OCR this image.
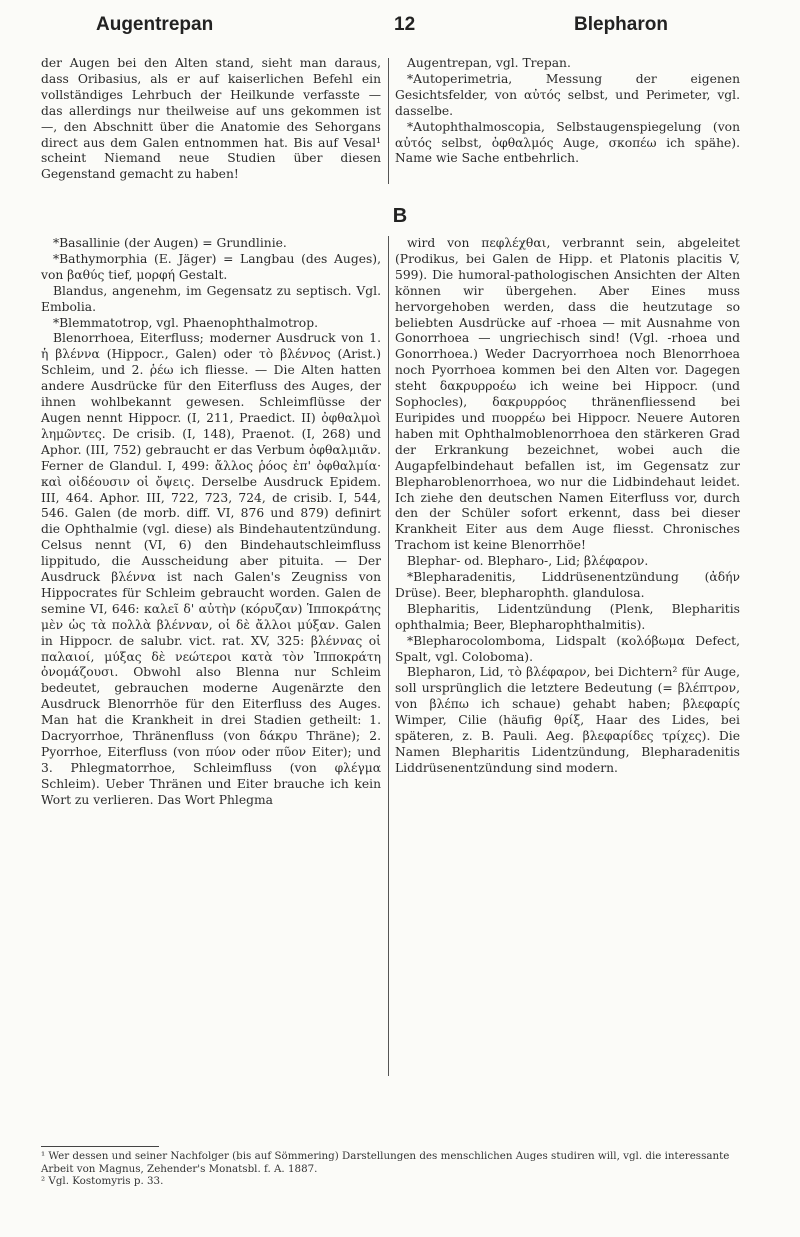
Augentrepan	12	Blepharon

der Augen bei den Alten stand, sieht man daraus, dass Oribasius, als er auf kaiserlichen Befehl ein vollständiges Lehrbuch der Heilkunde verfasste — das allerdings nur theilweise auf uns gekommen ist —, den Abschnitt über die Anatomie des Sehorgans direct aus dem Galen entnommen hat. Bis auf Vesal¹ scheint Niemand neue Studien über diesen Gegenstand gemacht zu haben!

Augentrepan, vgl. Trepan.

*Autoperimetria, Messung der eigenen Gesichtsfelder, von αὐτός selbst, und Perimeter, vgl. dasselbe.

*Autophthalmoscopia, Selbstaugenspiegelung (von αὐτός selbst, ὀφθαλμός Auge, σκοπέω ich spähe). Name wie Sache entbehrlich.

B

*Basallinie (der Augen) = Grundlinie.

*Bathymorphia (E. Jäger) = Langbau (des Auges), von βαθύς tief, μορφή Gestalt.

Blandus, angenehm, im Gegensatz zu septisch. Vgl. Embolia.

*Blemmatotrop, vgl. Phaenophthalmotrop.

Blenorrhoea, Eiterfluss; moderner Ausdruck von 1. ἡ βλέννα (Hippocr., Galen) oder τὸ βλέννος (Arist.) Schleim, und 2. ῥέω ich fliesse. — Die Alten hatten andere Ausdrücke für den Eiterfluss des Auges, der ihnen wohlbekannt gewesen. Schleimflüsse der Augen nennt Hippocr. (I, 211, Praedict. II) ὀφθαλμοὶ λημῶντες. De crisib. (I, 148), Praenot. (I, 268) und Aphor. (III, 752) gebraucht er das Verbum ὀφθαλμιᾶν. Ferner de Glandul. I, 499: ἄλλος ῥόος ἐπ' ὀφθαλμία· καὶ οἰδέουσιν οἱ ὄψεις. Derselbe Ausdruck Epidem. III, 464. Aphor. III, 722, 723, 724, de crisib. I, 544, 546. Galen (de morb. diff. VI, 876 und 879) definirt die Ophthalmie (vgl. diese) als Bindehautentzündung. Celsus nennt (VI, 6) den Bindehautschleimfluss lippitudo, die Ausscheidung aber pituita. — Der Ausdruck βλέννα ist nach Galen's Zeugniss von Hippocrates für Schleim gebraucht worden. Galen de semine VI, 646: καλεῖ δ' αὐτὴν (κόρυζαν) Ἱπποκράτης μὲν ὡς τὰ πολλὰ βλένναν, οἱ δὲ ἄλλοι μύξαν. Galen in Hippocr. de salubr. vict. rat. XV, 325: βλέννας οἱ παλαιοί, μύξας δὲ νεώτεροι κατὰ τὸν Ἱπποκράτη ὀνομάζουσι. Obwohl also Blenna nur Schleim bedeutet, gebrauchen moderne Augenärzte den Ausdruck Blenorrhöe für den Eiterfluss des Auges. Man hat die Krankheit in drei Stadien getheilt: 1. Dacryorrhoe, Thränenfluss (von δάκρυ Thräne); 2. Pyorrhoe, Eiterfluss (von πύον oder πῦον Eiter); und 3. Phlegmatorrhoe, Schleimfluss (von φλέγμα Schleim). Ueber Thränen und Eiter brauche ich kein Wort zu verlieren. Das Wort Phlegma

wird von πεφλέχθαι, verbrannt sein, abgeleitet (Prodikus, bei Galen de Hipp. et Platonis placitis V, 599). Die humoral-pathologischen Ansichten der Alten können wir übergehen. Aber Eines muss hervorgehoben werden, dass die heutzutage so beliebten Ausdrücke auf -rhoea — mit Ausnahme von Gonorrhoea — ungriechisch sind! (Vgl. -rhoea und Gonorrhoea.) Weder Dacryorrhoea noch Blenorrhoea noch Pyorrhoea kommen bei den Alten vor. Dagegen steht δακρυρροέω ich weine bei Hippocr. (und Sophocles), δακρυρρόος thränenfliessend bei Euripides und πυορρέω bei Hippocr. Neuere Autoren haben mit Ophthalmoblenorrhoea den stärkeren Grad der Erkrankung bezeichnet, wobei auch die Augapfelbindehaut befallen ist, im Gegensatz zur Blepharoblenorrhoea, wo nur die Lidbindehaut leidet. Ich ziehe den deutschen Namen Eiterfluss vor, durch den der Schüler sofort erkennt, dass bei dieser Krankheit Eiter aus dem Auge fliesst. Chronisches Trachom ist keine Blenorrhöe!

Blephar- od. Blepharo-, Lid; βλέφαρον.

*Blepharadenitis, Liddrüsenentzündung (ἀδήν Drüse). Beer, blepharophth. glandulosa.

Blepharitis, Lidentzündung (Plenk, Blepharitis ophthalmia; Beer, Blepharophthalmitis).

*Blepharocolomboma, Lidspalt (κολόβωμα Defect, Spalt, vgl. Coloboma).

Blepharon, Lid, τὸ βλέφαρον, bei Dichtern² für Auge, soll ursprünglich die letztere Bedeutung (= βλέπτρον, von βλέπω ich schaue) gehabt haben; βλεφαρίς Wimper, Cilie (häufig θρίξ, Haar des Lides, bei späteren, z. B. Pauli. Aeg. βλεφαρίδες τρίχες). Die Namen Blepharitis Lidentzündung, Blepharadenitis Liddrüsenentzündung sind modern.

¹ Wer dessen und seiner Nachfolger (bis auf Sömmering) Darstellungen des menschlichen Auges studiren will, vgl. die interessante Arbeit von Magnus, Zehender's Monatsbl. f. A. 1887.

² Vgl. Kostomyris p. 33.
